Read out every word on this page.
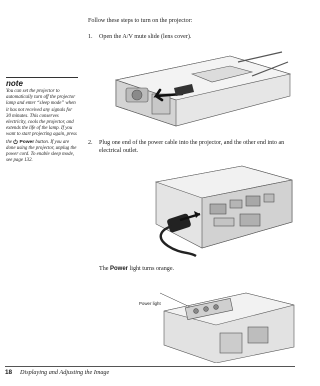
Follow these steps to turn on the projector:
1. Open the A/V mute slide (lens cover).
note
You can set the projector to automatically turn off the projector lamp and enter “sleep mode” when it has not received any signals for 30 minutes. This conserves electricity, cools the projector, and extends the life of the lamp. If you want to start projecting again, press the Power button. If you are done using the projector, unplug the power cord. To enable sleep mode, see page 132.
2. Plug one end of the power cable into the projector, and the other end into an electrical outlet.
The Power light turns orange.
Power light
18 Displaying and Adjusting the Image
